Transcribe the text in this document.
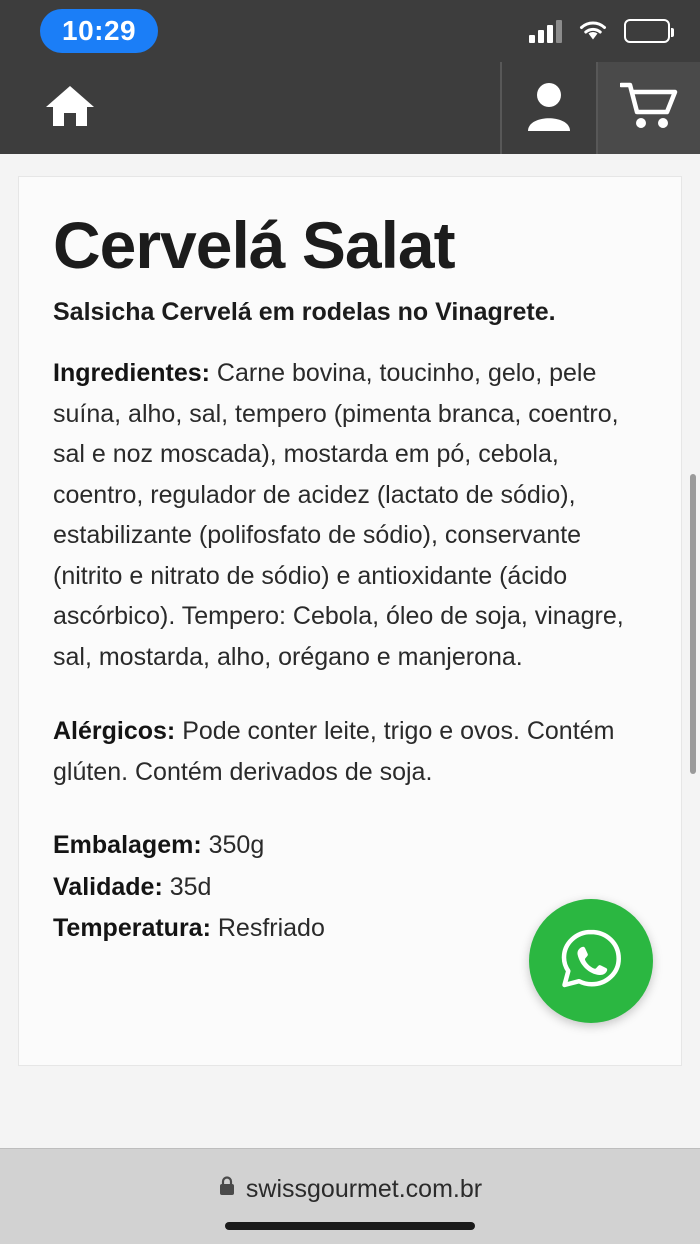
10:29
Cervelá Salat
Salsicha Cervelá em rodelas no Vinagrete.

Ingredientes: Carne bovina, toucinho, gelo, pele suína, alho, sal, tempero (pimenta branca, coentro, sal e noz moscada), mostarda em pó, cebola, coentro, regulador de acidez (lactato de sódio), estabilizante (polifosfato de sódio), conservante (nitrito e nitrato de sódio) e antioxidante (ácido ascórbico). Tempero: Cebola, óleo de soja, vinagre, sal, mostarda, alho, orégano e manjerona.

Alérgicos: Pode conter leite, trigo e ovos. Contém glúten. Contém derivados de soja.

Embalagem: 350g
Validade: 35d
Temperatura: Resfriado
swissgourmet.com.br
